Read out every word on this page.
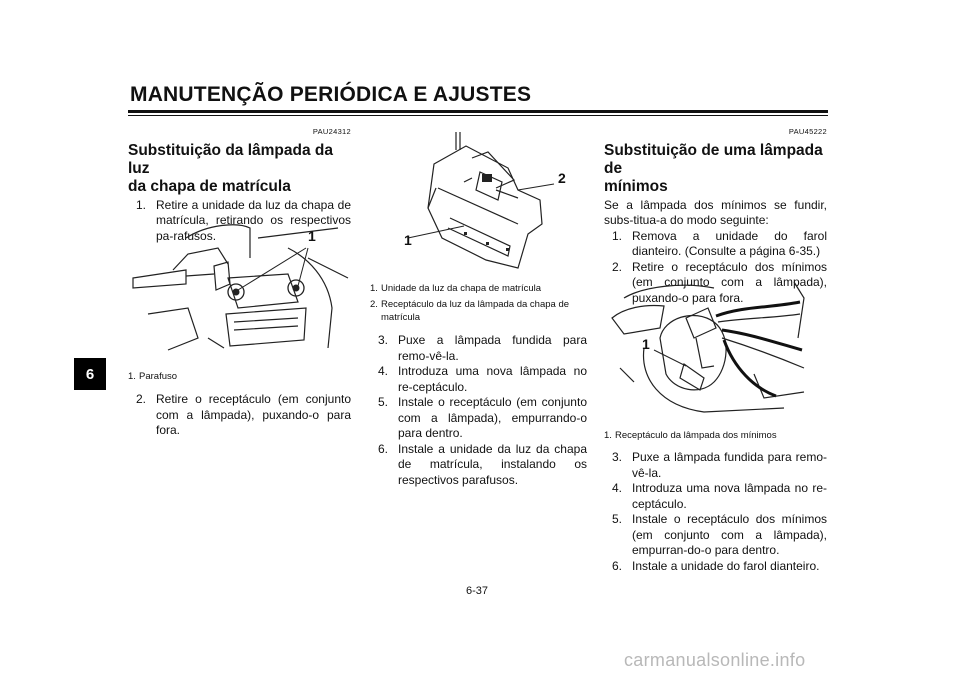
MANUTENÇÃO PERIÓDICA E AJUSTES
6
PAU24312
Substituição da lâmpada da luz
da chapa de matrícula
1. Retire a unidade da luz da chapa de matrícula, retirando os respectivos pa-rafusos.	1
1. Parafuso
2. Retire o receptáculo (em conjunto com a lâmpada), puxando-o para fora.
1
2
1. Unidade da luz da chapa de matrícula
2. Receptáculo da luz da lâmpada da chapa de matrícula
3. Puxe a lâmpada fundida para remo-vê-la.
4. Introduza uma nova lâmpada no re-ceptáculo.
5. Instale o receptáculo (em conjunto com a lâmpada), empurrando-o para dentro.
6. Instale a unidade da luz da chapa de matrícula, instalando os respectivos parafusos.
PAU45222
Substituição de uma lâmpada de
mínimos
Se a lâmpada dos mínimos se fundir, subs-titua-a do modo seguinte:
1. Remova a unidade do farol dianteiro. (Consulte a página 6-35.)
2. Retire o receptáculo dos mínimos (em conjunto com a lâmpada), puxando-o para fora.
1
1. Receptáculo da lâmpada dos mínimos
3. Puxe a lâmpada fundida para remo-vê-la.
4. Introduza uma nova lâmpada no re-ceptáculo.
5. Instale o receptáculo dos mínimos (em conjunto com a lâmpada), empurran-do-o para dentro.
6. Instale a unidade do farol dianteiro.
6-37
carmanualsonline.info
